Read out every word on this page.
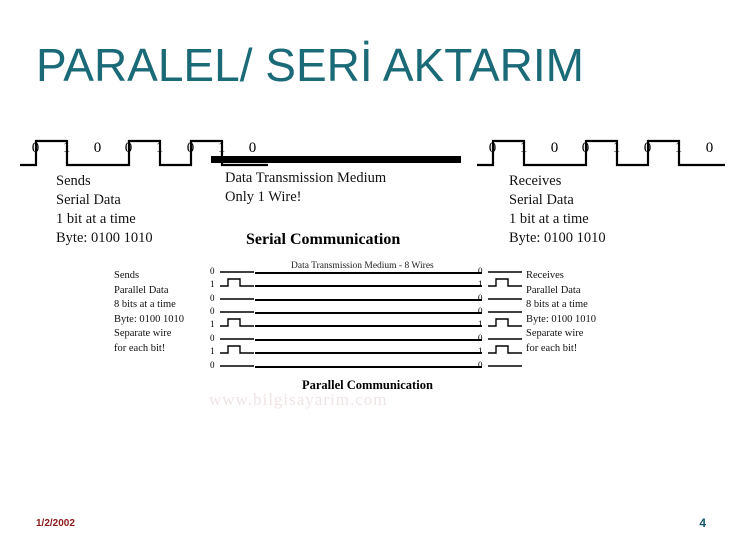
PARALEL/ SERİ AKTARIM
0	1	0	0	1	0	1	0
Sends
Serial Data
1 bit at a time
Byte: 0100 1010
Data Transmission Medium
Only 1 Wire!
Serial Communication
0	1	0	0	1	0	1	0
Receives
Serial Data
1 bit at a time
Byte: 0100 1010
Sends
Parallel Data
8 bits at a time
Byte: 0100 1010
Separate wire
for each bit!
0
1
0
0
1
0
1
0
Data Transmission Medium - 8 Wires	0
1
0
0
1
0
1
0
Receives
Parallel Data
8 bits at a time
Byte: 0100 1010
Separate wire
for each bit!
Parallel Communication
www.bilgisayarim.com
1/2/2002	4
